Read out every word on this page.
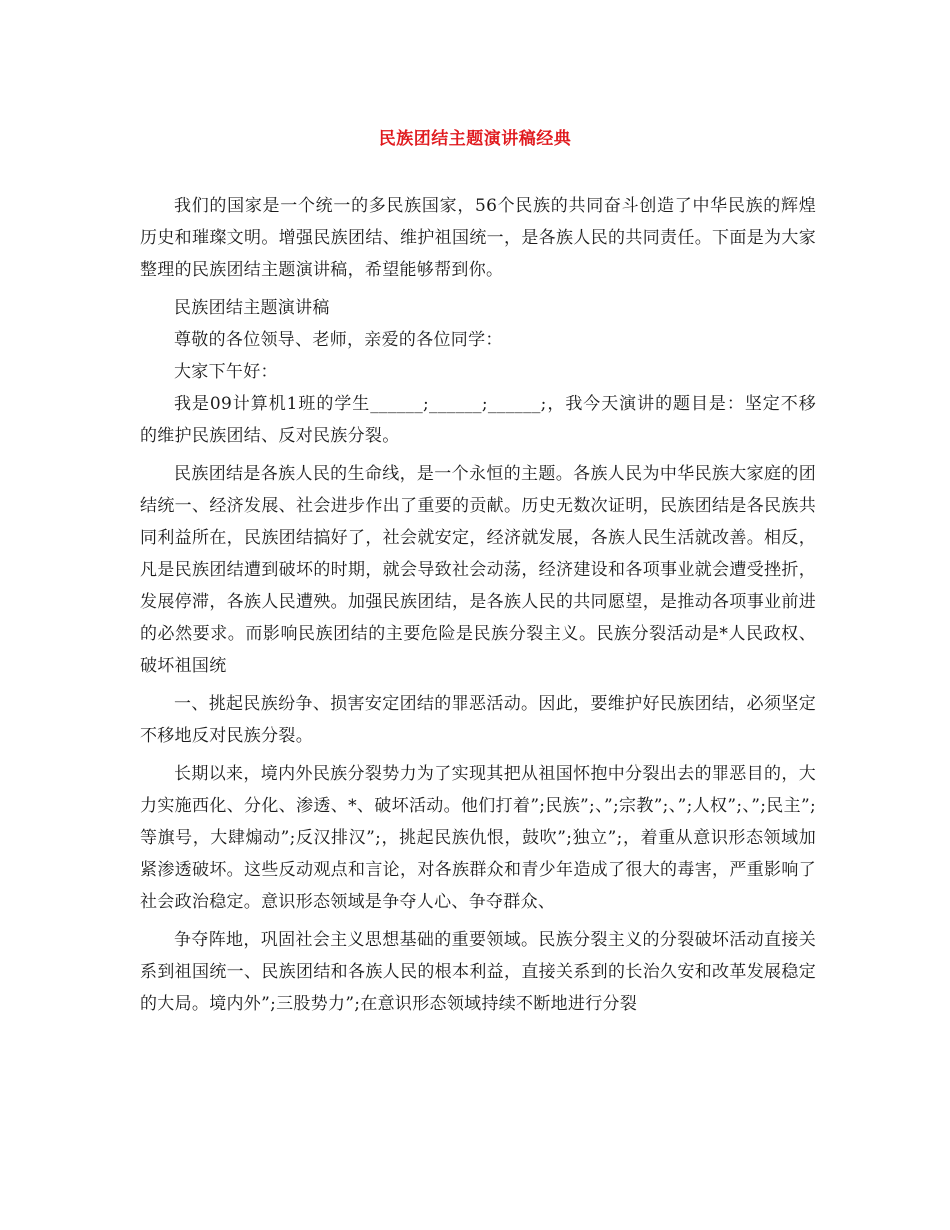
民族团结主题演讲稿经典

我们的国家是一个统一的多民族国家，56个民族的共同奋斗创造了中华民族的辉煌历史和璀璨文明。增强民族团结、维护祖国统一，是各族人民的共同责任。下面是为大家整理的民族团结主题演讲稿，希望能够帮到你。

民族团结主题演讲稿

尊敬的各位领导、老师，亲爱的各位同学：

大家下午好：

我是09计算机1班的学生______;______;______;，我今天演讲的题目是：坚定不移的维护民族团结、反对民族分裂。

民族团结是各族人民的生命线，是一个永恒的主题。各族人民为中华民族大家庭的团结统一、经济发展、社会进步作出了重要的贡献。历史无数次证明，民族团结是各民族共同利益所在，民族团结搞好了，社会就安定，经济就发展，各族人民生活就改善。相反，凡是民族团结遭到破坏的时期，就会导致社会动荡，经济建设和各项事业就会遭受挫折，发展停滞，各族人民遭殃。加强民族团结，是各族人民的共同愿望，是推动各项事业前进的必然要求。而影响民族团结的主要危险是民族分裂主义。民族分裂活动是*人民政权、破坏祖国统

一、挑起民族纷争、损害安定团结的罪恶活动。因此，要维护好民族团结，必须坚定不移地反对民族分裂。

长期以来，境内外民族分裂势力为了实现其把从祖国怀抱中分裂出去的罪恶目的，大力实施西化、分化、渗透、*、破坏活动。他们打着”;民族”;、”;宗教”;、”;人权”;、”;民主”;等旗号，大肆煽动”;反汉排汉”;，挑起民族仇恨，鼓吹”;独立”;，着重从意识形态领域加紧渗透破坏。这些反动观点和言论，对各族群众和青少年造成了很大的毒害，严重影响了社会政治稳定。意识形态领域是争夺人心、争夺群众、

争夺阵地，巩固社会主义思想基础的重要领域。民族分裂主义的分裂破坏活动直接关系到祖国统一、民族团结和各族人民的根本利益，直接关系到的长治久安和改革发展稳定的大局。境内外”;三股势力”;在意识形态领域持续不断地进行分裂
